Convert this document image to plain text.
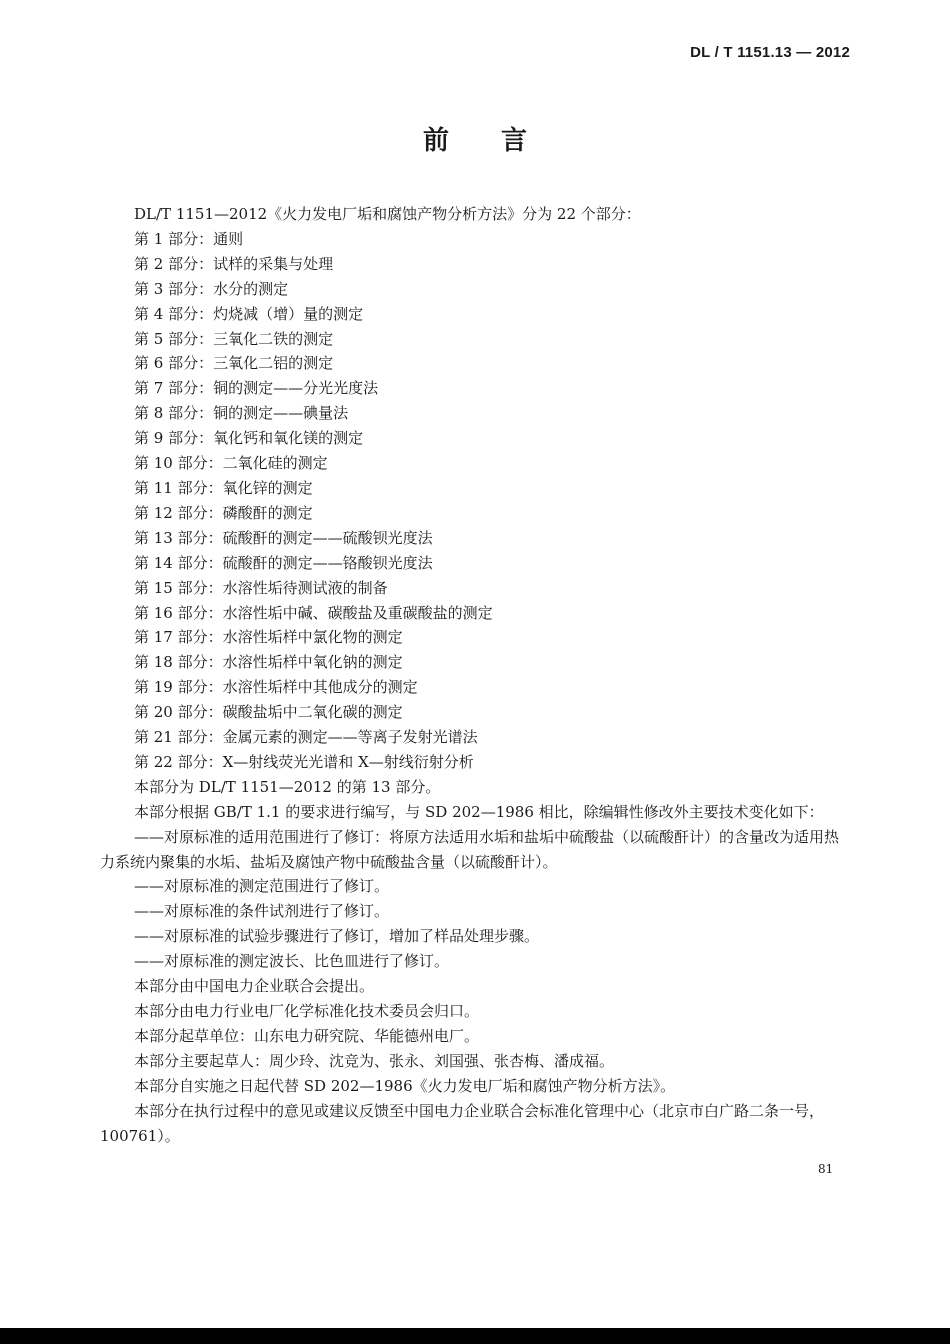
DL / T 1151.13 — 2012
前言

DL/T 1151—2012《火力发电厂垢和腐蚀产物分析方法》分为 22 个部分：

第 1 部分：通则

第 2 部分：试样的采集与处理

第 3 部分：水分的测定

第 4 部分：灼烧减（增）量的测定

第 5 部分：三氧化二铁的测定

第 6 部分：三氧化二铝的测定

第 7 部分：铜的测定——分光光度法

第 8 部分：铜的测定——碘量法

第 9 部分：氧化钙和氧化镁的测定

第 10 部分：二氧化硅的测定

第 11 部分：氧化锌的测定

第 12 部分：磷酸酐的测定

第 13 部分：硫酸酐的测定——硫酸钡光度法

第 14 部分：硫酸酐的测定——铬酸钡光度法

第 15 部分：水溶性垢待测试液的制备

第 16 部分：水溶性垢中碱、碳酸盐及重碳酸盐的测定

第 17 部分：水溶性垢样中氯化物的测定

第 18 部分：水溶性垢样中氧化钠的测定

第 19 部分：水溶性垢样中其他成分的测定

第 20 部分：碳酸盐垢中二氧化碳的测定

第 21 部分：金属元素的测定——等离子发射光谱法

第 22 部分：X—射线荧光光谱和 X—射线衍射分析

本部分为 DL/T 1151—2012 的第 13 部分。

本部分根据 GB/T 1.1 的要求进行编写，与 SD 202—1986 相比，除编辑性修改外主要技术变化如下：

——对原标准的适用范围进行了修订：将原方法适用水垢和盐垢中硫酸盐（以硫酸酐计）的含量改为适用热力系统内聚集的水垢、盐垢及腐蚀产物中硫酸盐含量（以硫酸酐计）。

——对原标准的测定范围进行了修订。

——对原标准的条件试剂进行了修订。

——对原标准的试验步骤进行了修订，增加了样品处理步骤。

——对原标准的测定波长、比色皿进行了修订。

本部分由中国电力企业联合会提出。

本部分由电力行业电厂化学标准化技术委员会归口。

本部分起草单位：山东电力研究院、华能德州电厂。

本部分主要起草人：周少玲、沈竞为、张永、刘国强、张杏梅、潘成福。

本部分自实施之日起代替 SD 202—1986《火力发电厂垢和腐蚀产物分析方法》。

本部分在执行过程中的意见或建议反馈至中国电力企业联合会标准化管理中心（北京市白广路二条一号，100761）。

81
